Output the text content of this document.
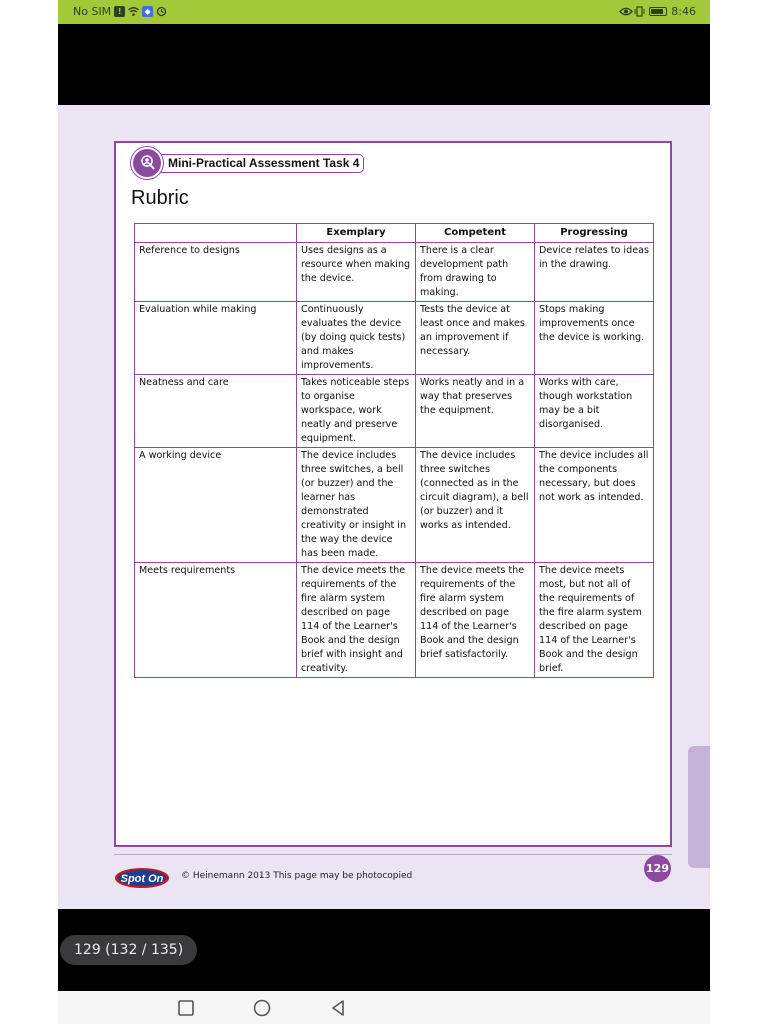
No SIM !	◆	8:46
Mini-Practical Assessment Task 4
Rubric
	Exemplary	Competent	Progressing
Reference to designs	Uses designs as a resource when making the device.	There is a clear development path from drawing to making.	Device relates to ideas in the drawing.
Evaluation while making	Continuously evaluates the device (by doing quick tests) and makes improvements.	Tests the device at least once and makes an improvement if necessary.	Stops making improvements once the device is working.
Neatness and care	Takes noticeable steps to organise workspace, work neatly and preserve equipment.	Works neatly and in a way that preserves the equipment.	Works with care, though workstation may be a bit disorganised.
A working device	The device includes three switches, a bell (or buzzer) and the learner has demonstrated creativity or insight in the way the device has been made.	The device includes three switches (connected as in the circuit diagram), a bell (or buzzer) and it works as intended.	The device includes all the components necessary, but does not work as intended.
Meets requirements	The device meets the requirements of the fire alarm system described on page 114 of the Learner's Book and the design brief with insight and creativity.	The device meets the requirements of the fire alarm system described on page 114 of the Learner's Book and the design brief satisfactorily.	The device meets most, but not all of the requirements of the fire alarm system described on page 114 of the Learner's Book and the design brief.
Spot On © Heinemann 2013 This page may be photocopied
129
129 (132 / 135)
